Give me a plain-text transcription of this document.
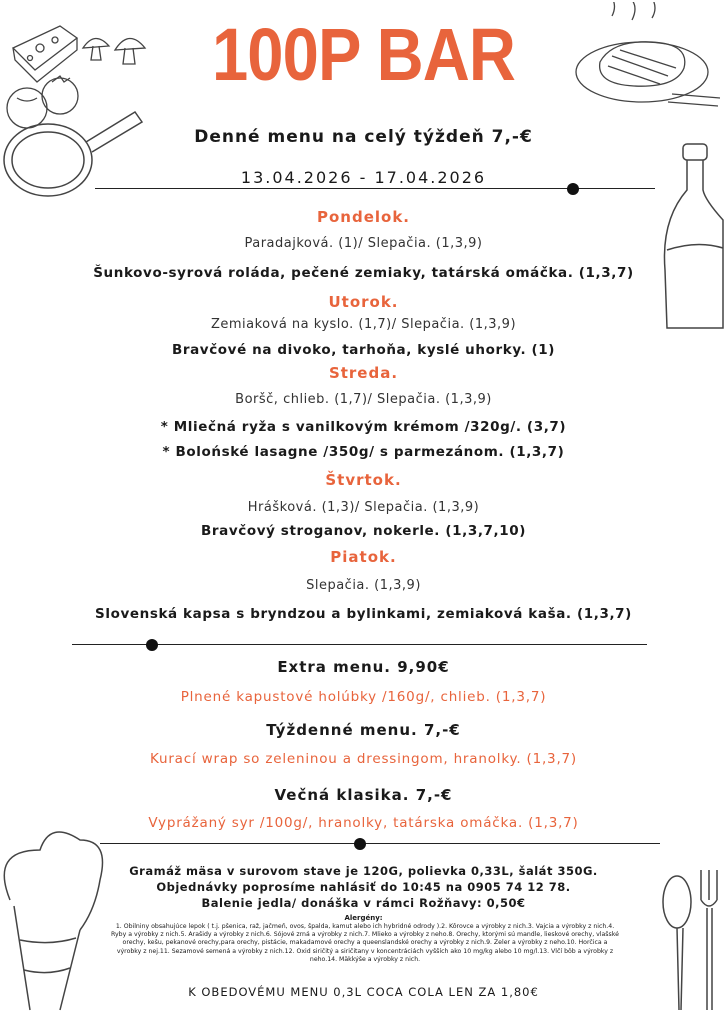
100P BAR
Denné menu na celý týždeň 7,-€
13.04.2026 - 17.04.2026
Pondelok.
Paradajková. (1)/ Slepačia. (1,3,9)
Šunkovo-syrová roláda, pečené zemiaky, tatárská omáčka. (1,3,7)
Utorok.
Zemiaková na kyslo. (1,7)/ Slepačia. (1,3,9)
Bravčové na divoko, tarhoňa, kyslé uhorky. (1)
Streda.
Boršč, chlieb. (1,7)/ Slepačia. (1,3,9)
* Mliečná ryža s vanilkovým krémom /320g/. (3,7)
* Bolońské lasagne /350g/ s parmezánom. (1,3,7)
Štvrtok.
Hrášková. (1,3)/ Slepačia. (1,3,9)
Bravčový stroganov, nokerle. (1,3,7,10)
Piatok.
Slepačia. (1,3,9)
Slovenská kapsa s bryndzou a bylinkami, zemiaková kaša. (1,3,7)
Extra menu. 9,90€
Plnené kapustové holúbky /160g/, chlieb. (1,3,7)
Týždenné menu. 7,-€
Kurací wrap so zeleninou a dressingom, hranolky. (1,3,7)
Večná klasika. 7,-€
Vyprážaný syr /100g/, hranolky, tatárska omáčka. (1,3,7)
Gramáž mäsa v surovom stave je 120G, polievka 0,33L, šalát 350G.
Objednávky poprosíme nahlásiť do 10:45 na 0905 74 12 78.
Balenie jedla/ donáška v rámci Rožňavy: 0,50€
Alergény:
1. Obilniny obsahujúce lepok ( t.j. pšenica, raž, jačmeň, ovos, špalda, kamut alebo ich hybridné odrody ).2. Kôrovce a výrobky z nich.3. Vajcia a výrobky z nich.4. Ryby a výrobky z nich.5. Arašidy a výrobky z nich.6. Sójové zrná a výrobky z nich.7. Mlieko a výrobky z neho.8. Orechy, ktorými sú mandle, lieskové orechy, vlašské orechy, kešu, pekanové orechy,para orechy, pistácie, makadamové orechy a queenslandské orechy a výrobky z nich.9. Zeler a výrobky z neho.10. Horčica a výrobky z nej.11. Sezamové semená a výrobky z nich.12. Oxid siričitý a siričitany v koncentráciách vyšších ako 10 mg/kg alebo 10 mg/l.13. Vlčí bôb a výrobky z neho.14. Mäkkýše a výrobky z nich.
K OBEDOVÉMU MENU 0,3L COCA COLA LEN ZA 1,80€
